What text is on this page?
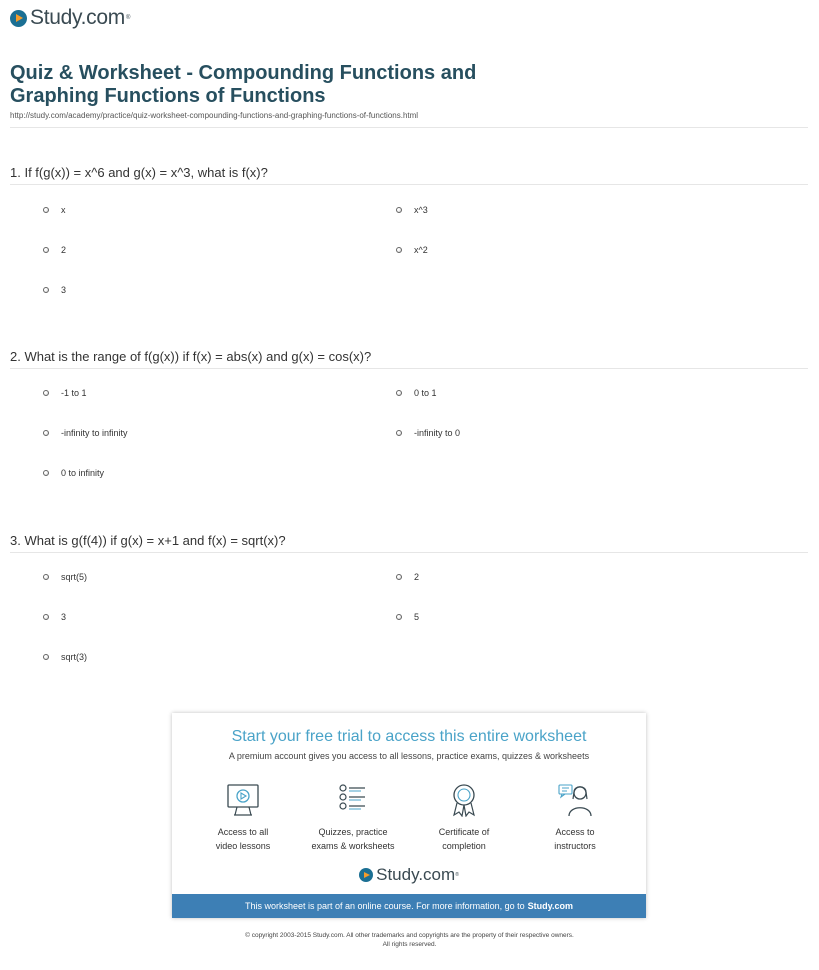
Study.com ®
Quiz & Worksheet - Compounding Functions and
Graphing Functions of Functions
http://study.com/academy/practice/quiz-worksheet-compounding-functions-and-graphing-functions-of-functions.html
1. If f(g(x)) = x^6 and g(x) = x^3, what is f(x)?
x	x^3
2	x^2
3
2. What is the range of f(g(x)) if f(x) = abs(x) and g(x) = cos(x)?
-1 to 1	0 to 1
-infinity to infinity	-infinity to 0
0 to infinity
3. What is g(f(4)) if g(x) = x+1 and f(x) = sqrt(x)?
sqrt(5)	2
3	5
sqrt(3)
Start your free trial to access this entire worksheet
A premium account gives you access to all lessons, practice exams, quizzes & worksheets
Access to all
video lessons
Quizzes, practice
exams & worksheets
Certificate of
completion
Access to
instructors
Study.com ®
This worksheet is part of an online course. For more information, go to Study.com
© copyright 2003-2015 Study.com. All other trademarks and copyrights are the property of their respective owners.
All rights reserved.
